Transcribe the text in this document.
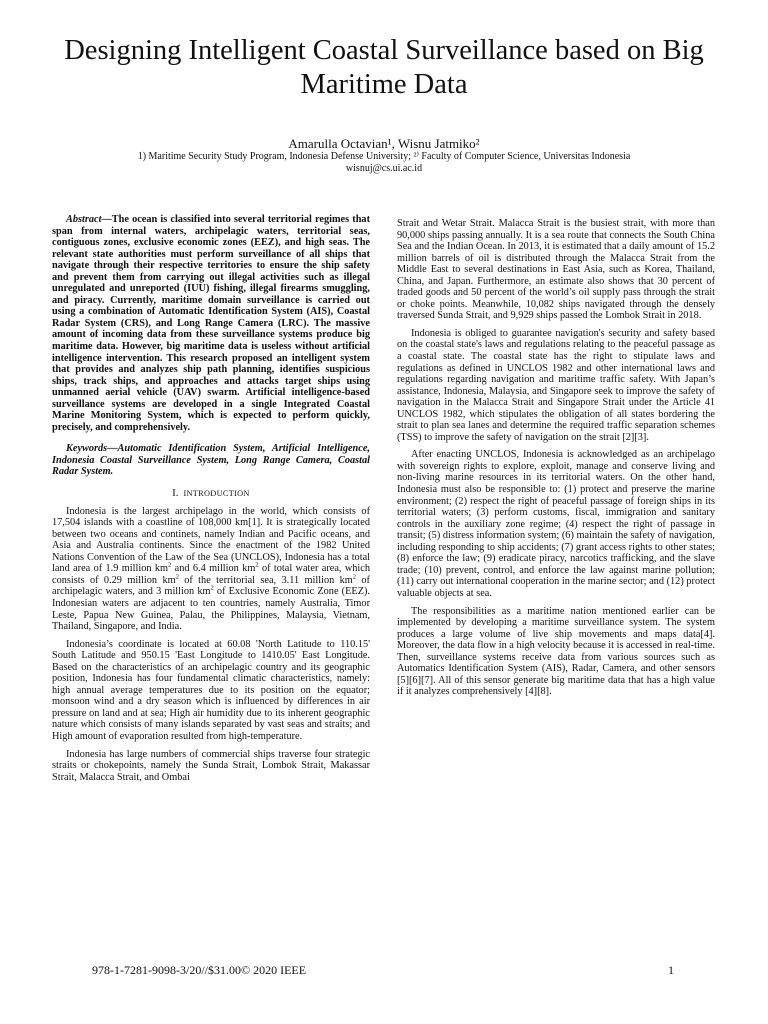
Designing Intelligent Coastal Surveillance based on Big Maritime Data
Amarulla Octavian¹, Wisnu Jatmiko²
1) Maritime Security Study Program, Indonesia Defense University; ²⁾ Faculty of Computer Science, Universitas Indonesia
wisnuj@cs.ui.ac.id

Abstract—The ocean is classified into several territorial regimes that span from internal waters, archipelagic waters, territorial seas, contiguous zones, exclusive economic zones (EEZ), and high seas. The relevant state authorities must perform surveillance of all ships that navigate through their respective territories to ensure the ship safety and prevent them from carrying out illegal activities such as illegal unregulated and unreported (IUU) fishing, illegal firearms smuggling, and piracy. Currently, maritime domain surveillance is carried out using a combination of Automatic Identification System (AIS), Coastal Radar System (CRS), and Long Range Camera (LRC). The massive amount of incoming data from these surveillance systems produce big maritime data. However, big maritime data is useless without artificial intelligence intervention. This research proposed an intelligent system that provides and analyzes ship path planning, identifies suspicious ships, track ships, and approaches and attacks target ships using unmanned aerial vehicle (UAV) swarm. Artificial intelligence-based surveillance systems are developed in a single Integrated Coastal Marine Monitoring System, which is expected to perform quickly, precisely, and comprehensively.

Keywords—Automatic Identification System, Artificial Intelligence, Indonesia Coastal Surveillance System, Long Range Camera, Coastal Radar System.

I. INTRODUCTION

Indonesia is the largest archipelago in the world, which consists of 17,504 islands with a coastline of 108,000 km[1]. It is strategically located between two oceans and continets, namely Indian and Pacific oceans, and Asia and Australia continents. Since the enactment of the 1982 United Nations Convention of the Law of the Sea (UNCLOS), Indonesia has a total land area of 1.9 million $km^2$ and 6.4 million $km^2$ of total water area, which consists of 0.29 million $km^2$ of the territorial sea, 3.11 million $km^2$ of archipelagic waters, and 3 million $km^2$ of Exclusive Economic Zone (EEZ). Indonesian waters are adjacent to ten countries, namely Australia, Timor Leste, Papua New Guinea, Palau, the Philippines, Malaysia, Vietnam, Thailand, Singapore, and India.

Indonesia’s coordinate is located at 60.08 'North Latitude to 110.15' South Latitude and 950.15 'East Longitude to 1410.05' East Longitude. Based on the characteristics of an archipelagic country and its geographic position, Indonesia has four fundamental climatic characteristics, namely: high annual average temperatures due to its position on the equator; monsoon wind and a dry season which is influenced by differences in air pressure on land and at sea; High air humidity due to its inherent geographic nature which consists of many islands separated by vast seas and straits; and High amount of evaporation resulted from high-temperature.

Indonesia has large numbers of commercial ships traverse four strategic straits or chokepoints, namely the Sunda Strait, Lombok Strait, Makassar Strait, Malacca Strait, and Ombai

Strait and Wetar Strait. Malacca Strait is the busiest strait, with more than 90,000 ships passing annually. It is a sea route that connects the South China Sea and the Indian Ocean. In 2013, it is estimated that a daily amount of 15.2 million barrels of oil is distributed through the Malacca Strait from the Middle East to several destinations in East Asia, such as Korea, Thailand, China, and Japan. Furthermore, an estimate also shows that 30 percent of traded goods and 50 percent of the world’s oil supply pass through the strait or choke points. Meanwhile, 10,082 ships navigated through the densely traversed Sunda Strait, and 9,929 ships passed the Lombok Strait in 2018.

Indonesia is obliged to guarantee navigation's security and safety based on the coastal state's laws and regulations relating to the peaceful passage as a coastal state. The coastal state has the right to stipulate laws and regulations as defined in UNCLOS 1982 and other international laws and regulations regarding navigation and maritime traffic safety. With Japan’s assistance, Indonesia, Malaysia, and Singapore seek to improve the safety of navigation in the Malacca Strait and Singapore Strait under the Article 41 UNCLOS 1982, which stipulates the obligation of all states bordering the strait to plan sea lanes and determine the required traffic separation schemes (TSS) to improve the safety of navigation on the strait [2][3].

After enacting UNCLOS, Indonesia is acknowledged as an archipelago with sovereign rights to explore, exploit, manage and conserve living and non-living marine resources in its territorial waters. On the other hand, Indonesia must also be responsible to: (1) protect and preserve the marine environment; (2) respect the right of peaceful passage of foreign ships in its territorial waters; (3) perform customs, fiscal, immigration and sanitary controls in the auxiliary zone regime; (4) respect the right of passage in transit; (5) distress information system; (6) maintain the safety of navigation, including responding to ship accidents; (7) grant access rights to other states; (8) enforce the law; (9) eradicate piracy, narcotics trafficking, and the slave trade; (10) prevent, control, and enforce the law against marine pollution; (11) carry out international cooperation in the marine sector; and (12) protect valuable objects at sea.

The responsibilities as a maritime nation mentioned earlier can be implemented by developing a maritime surveillance system. The system produces a large volume of live ship movements and maps data[4]. Moreover, the data flow in a high velocity because it is accessed in real-time. Then, surveillance systems receive data from various sources such as Automatics Identification System (AIS), Radar, Camera, and other sensors [5][6][7]. All of this sensor generate big maritime data that has a high value if it analyzes comprehensively [4][8].

978-1-7281-9098-3/20//$31.00© 2020 IEEE	1
